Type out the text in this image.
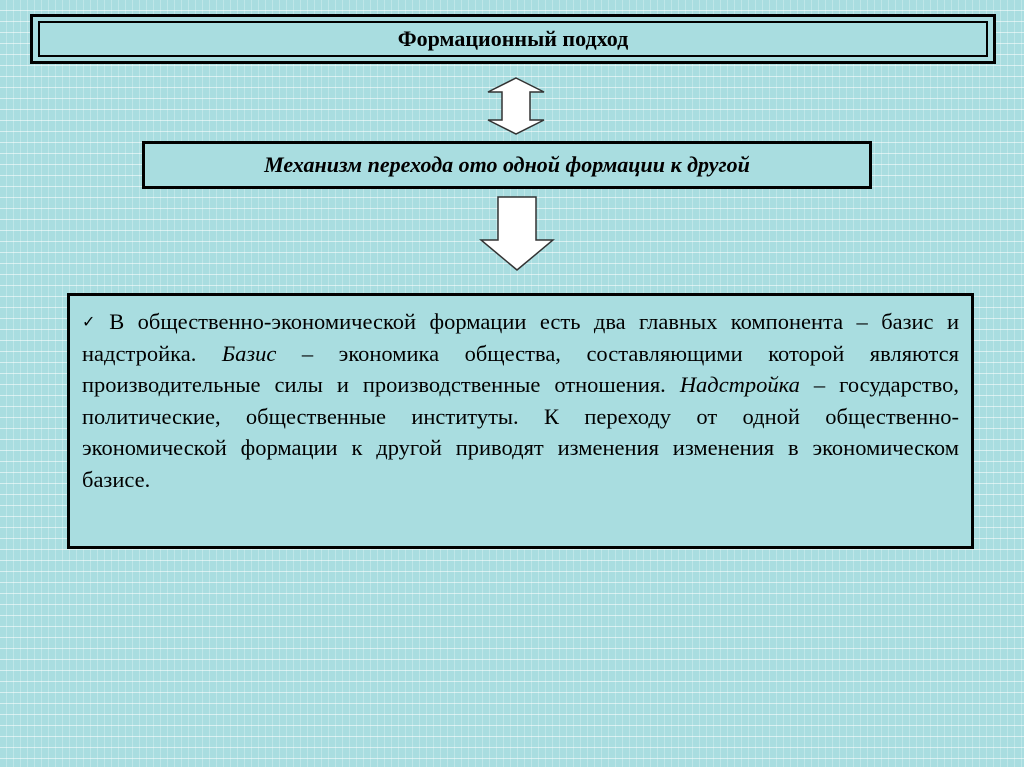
Формационный подход
Механизм перехода ото одной формации к другой

✓ В общественно-экономической формации есть два главных компонента – базис и надстройка. Базис – экономика общества, составляющими которой являются производительные силы и производственные отношения. Надстройка – государство, политические, общественные институты. К переходу от одной общественно-экономической формации к другой приводят изменения изменения в экономическом базисе.
